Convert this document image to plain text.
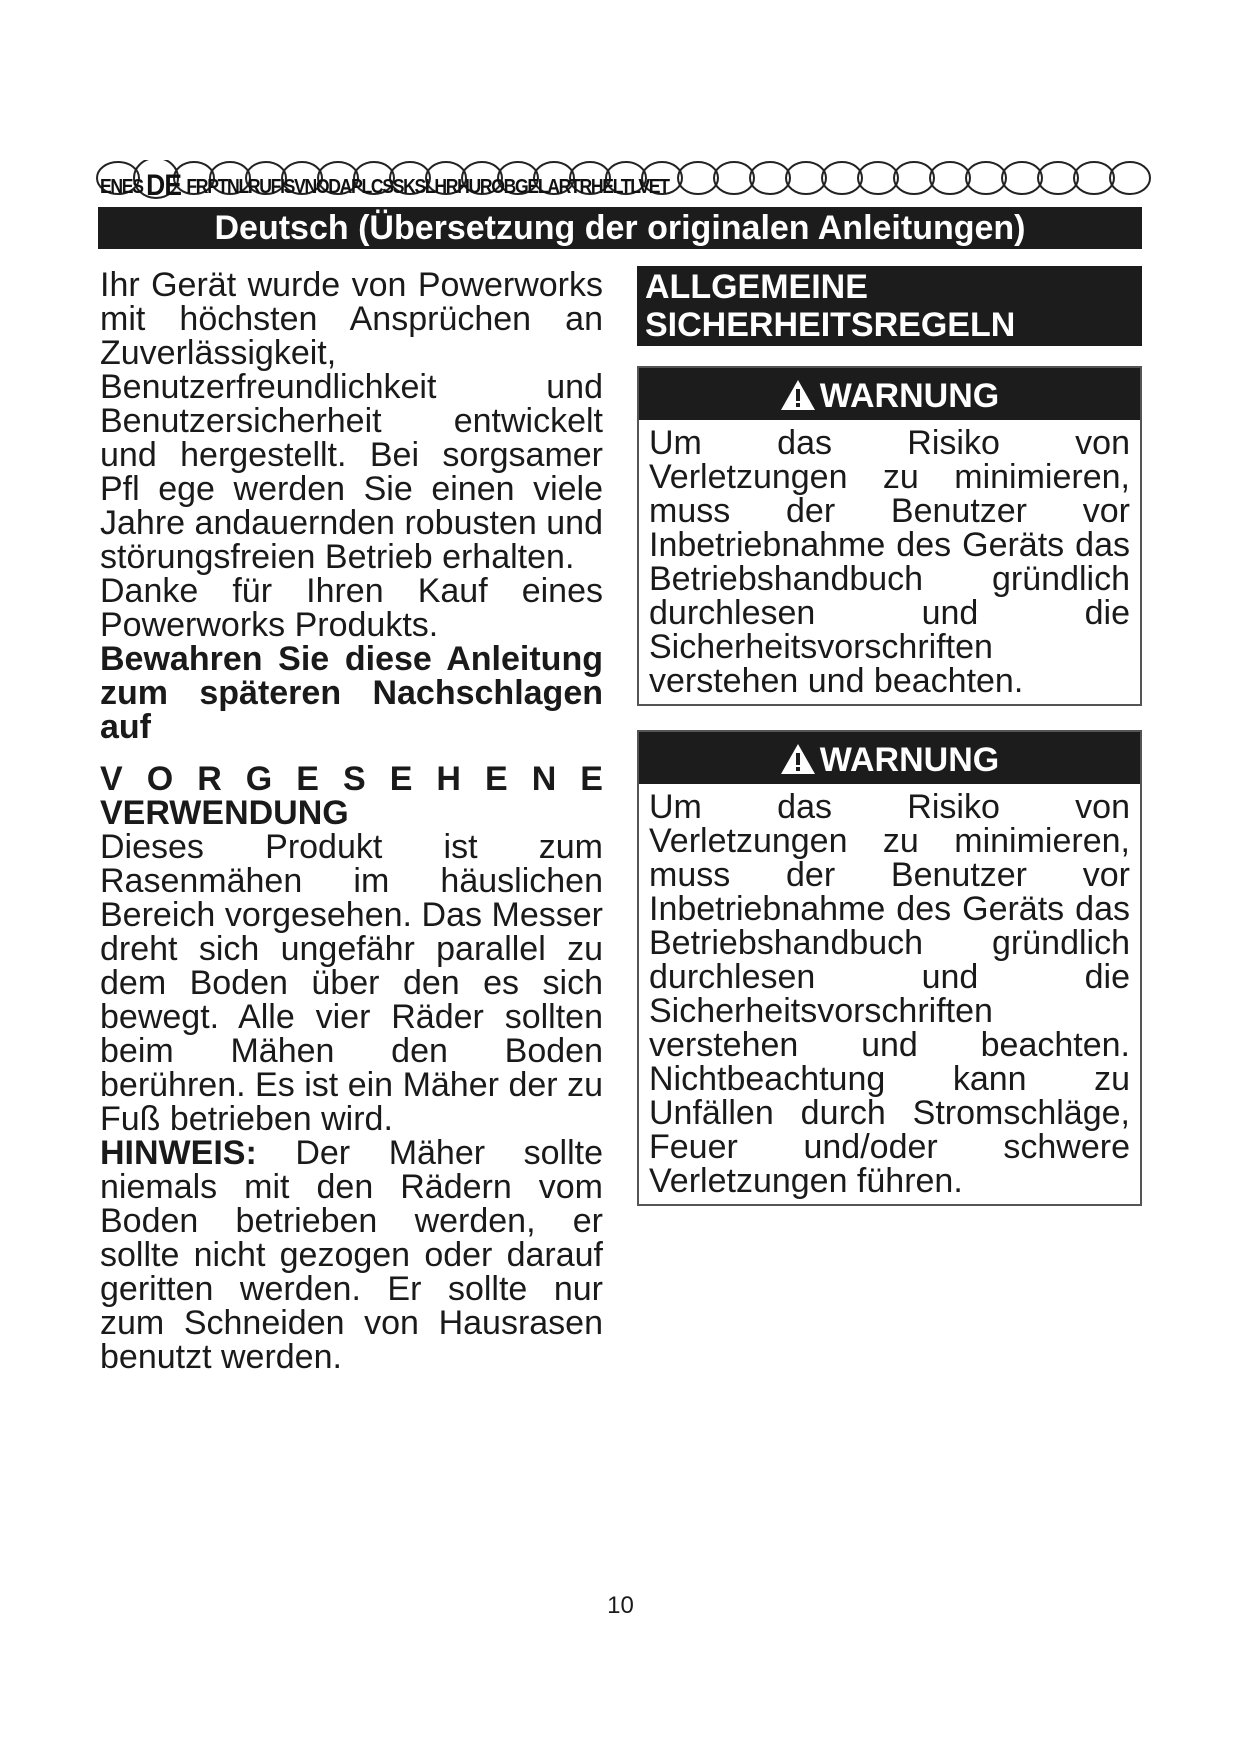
ENES DE FRPTNLRUFISVNODAPLCSSKSLHRHUROBGELARTRHELTLVET
Deutsch (Übersetzung der originalen Anleitungen)

Ihr Gerät wurde von Powerworks mit höchsten Ansprüchen an Zuverlässigkeit, Benutzerfreundlichkeit und Benutzersicherheit entwickelt und hergestellt. Bei sorgsamer Pfl ege werden Sie einen viele Jahre andauernden robusten und störungsfreien Betrieb erhalten.

Danke für Ihren Kauf eines Powerworks Produkts.

Bewahren Sie diese Anleitung zum späteren Nachschlagen auf

V O R G E S E H E N E
VERWENDUNG

Dieses Produkt ist zum Rasenmähen im häuslichen Bereich vorgesehen. Das Messer dreht sich ungefähr parallel zu dem Boden über den es sich bewegt. Alle vier Räder sollten beim Mähen den Boden berühren. Es ist ein Mäher der zu Fuß betrieben wird.

HINWEIS: Der Mäher sollte niemals mit den Rädern vom Boden betrieben werden, er sollte nicht gezogen oder darauf geritten werden. Er sollte nur zum Schneiden von Hausrasen benutzt werden.

ALLGEMEINE
SICHERHEITSREGELN
WARNUNG
Um das Risiko von Verletzungen zu minimieren, muss der Benutzer vor Inbetriebnahme des Geräts das Betriebshandbuch gründlich durchlesen und die Sicherheitsvorschriften verstehen und beachten.
WARNUNG
Um das Risiko von Verletzungen zu minimieren, muss der Benutzer vor Inbetriebnahme des Geräts das Betriebshandbuch gründlich durchlesen und die Sicherheitsvorschriften verstehen und beachten. Nichtbeachtung kann zu Unfällen durch Stromschläge, Feuer und/oder schwere Verletzungen führen.
10
